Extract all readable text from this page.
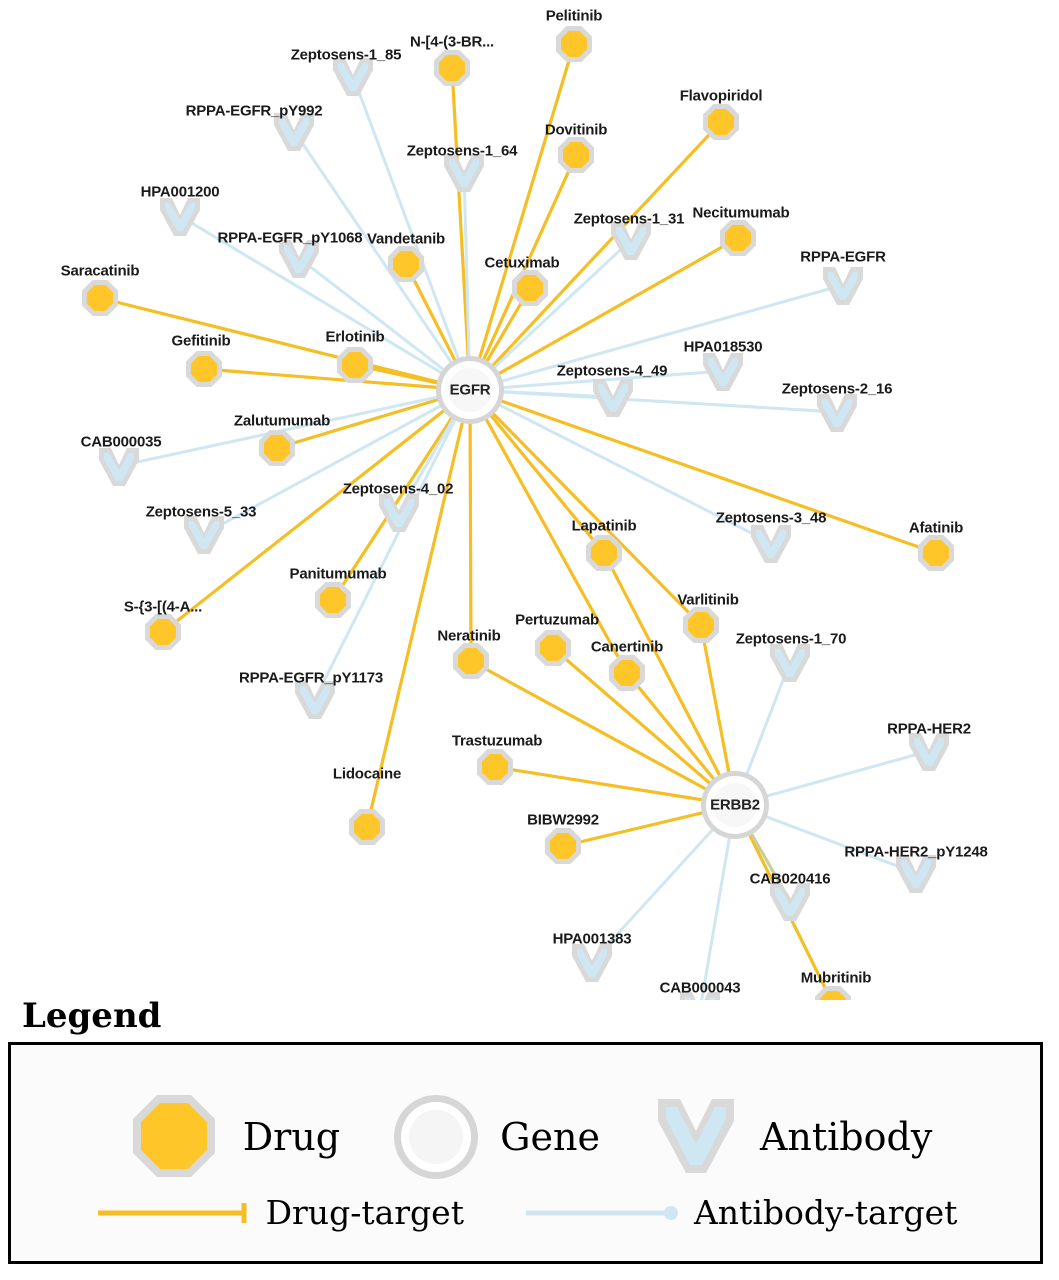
Pelitinib
N-[4-(3-BR...
Flavopiridol
Dovitinib
Necitumumab
Vandetanib
Cetuximab
Saracatinib
Gefitinib	Erlotinib
Zalutumumab
Afatinib
Lapatinib
Varlitinib
Panitumumab
S-{3-[(4-A...
Pertuzumab
Canertinib
Neratinib
Trastuzumab
Lidocaine
BIBW2992
Mubritinib
Zeptosens-1_85
RPPA-EGFR_pY992
Zeptosens-1_64
HPA001200
Zeptosens-1_31
RPPA-EGFR_pY1068
RPPA-EGFR
HPA018530
Zeptosens-4_49
Zeptosens-2_16
CAB000035
Zeptosens-4_02
Zeptosens-5_33	Zeptosens-3_48
RPPA-EGFR_pY1173
Zeptosens-1_70
RPPA-HER2
RPPA-HER2_pY1248
CAB020416
HPA001383
CAB000043
EGFR
ERBB2
Legend
Drug	Gene	Antibody
Drug-target	Antibody-target
